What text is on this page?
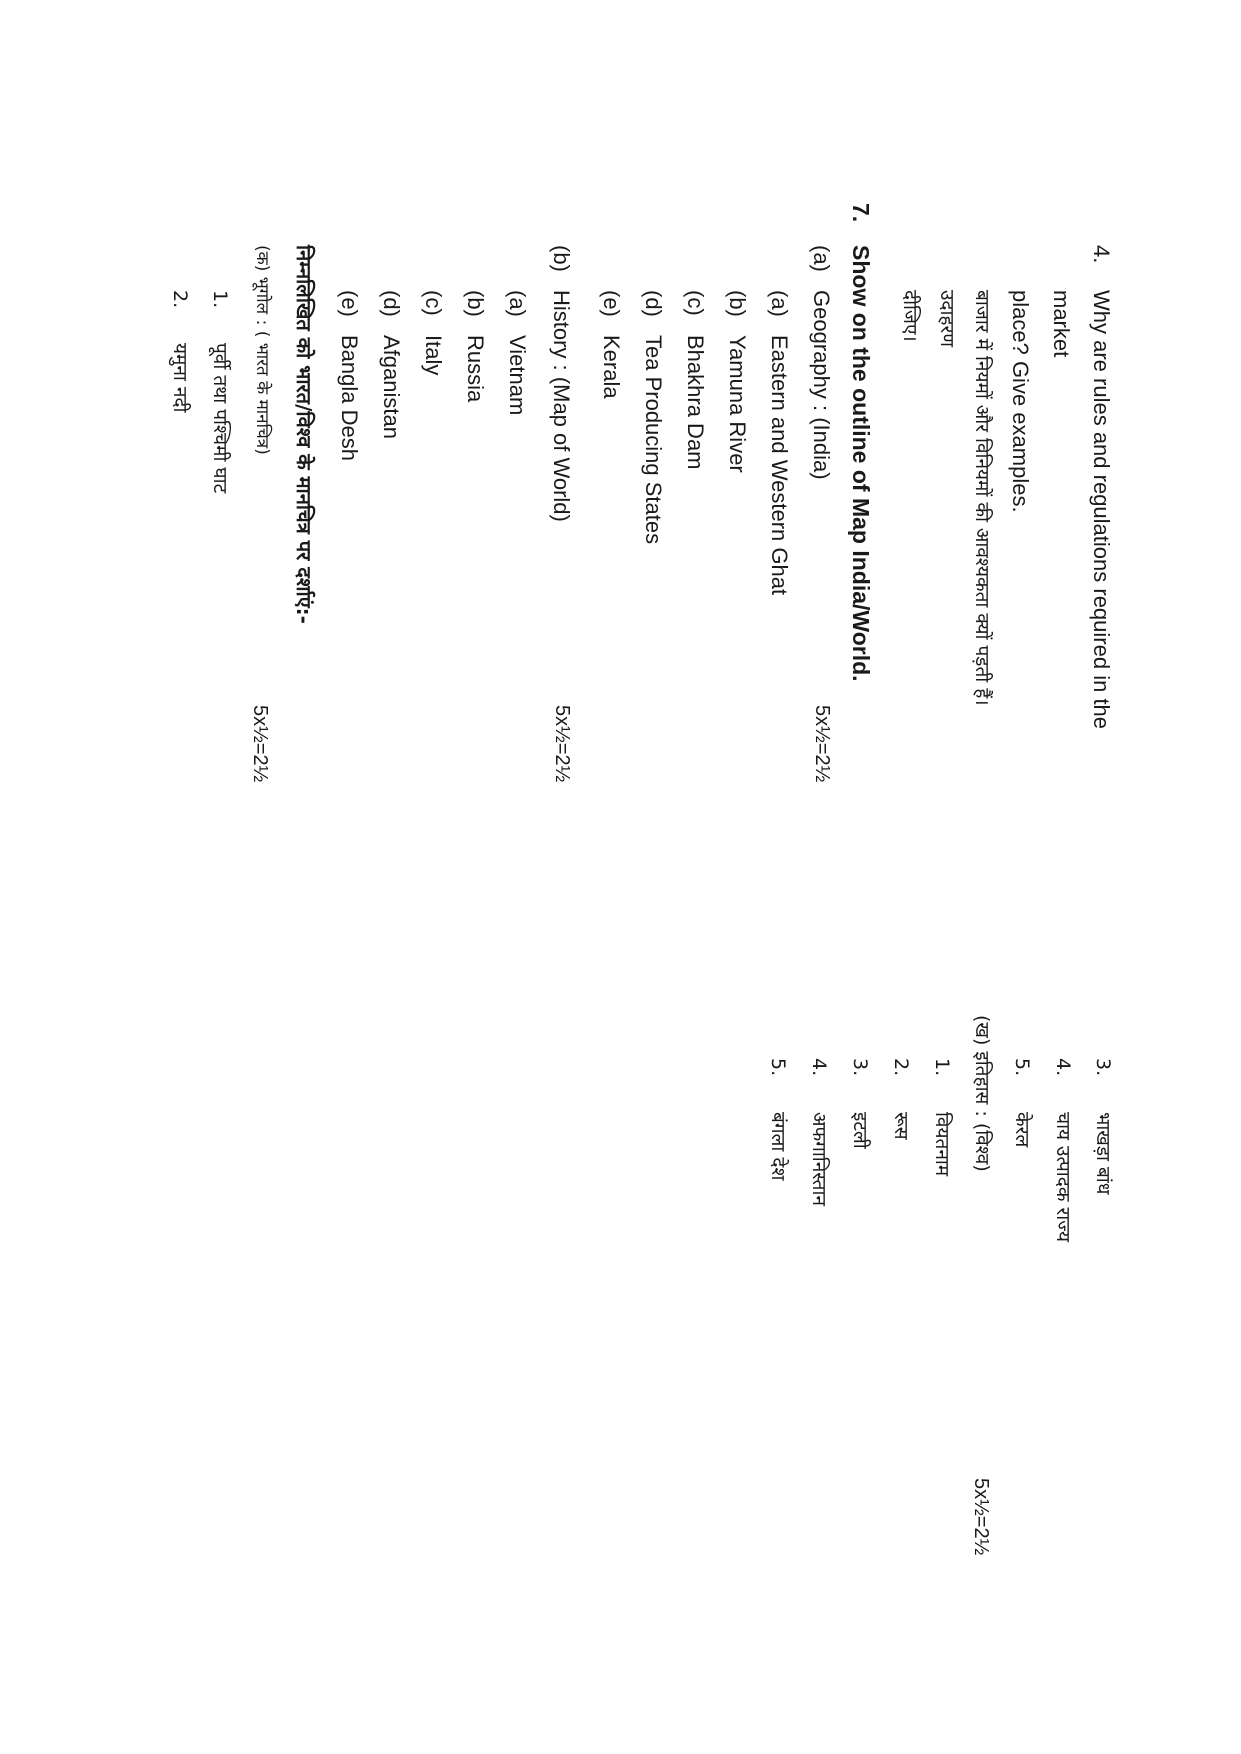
4.
Why are rules and regulations required in the
market
place? Give examples.
बाजार में नियमों और विनियमों की आवश्यकता क्यों पड़ती हैं।
उदाहरण
दीजिए।
3.
भाखड़ा बांध
4.
चाय उत्पादक राज्य
5.
केरल
(ख) इतिहास : (विश्व)
5x½=2½
1.
वियतनाम
2.
रूस
3.
इटली
4.
अफगानिस्तान
5.
बंगला देश
7.
Show on the outline of Map India/World.
(a)
Geography : (India)
5x½=2½
(a)
Eastern and Western Ghat
(b)
Yamuna River
(c)
Bhakhra Dam
(d)
Tea Producing States
(e)
Kerala
(b)
History : (Map of World)
5x½=2½
(a)
Vietnam
(b)
Russia
(c)
Italy
(d)
Afganistan
(e)
Bangla Desh
निम्नलिखित को भारत/विश्व के मानचित्र पर दर्शाएं:-
(क) भूगोल : ( भारत के मानचित्र)
5x½=2½
1.
पूर्वी तथा पश्चिमी घाट
2.
यमुना नदी
